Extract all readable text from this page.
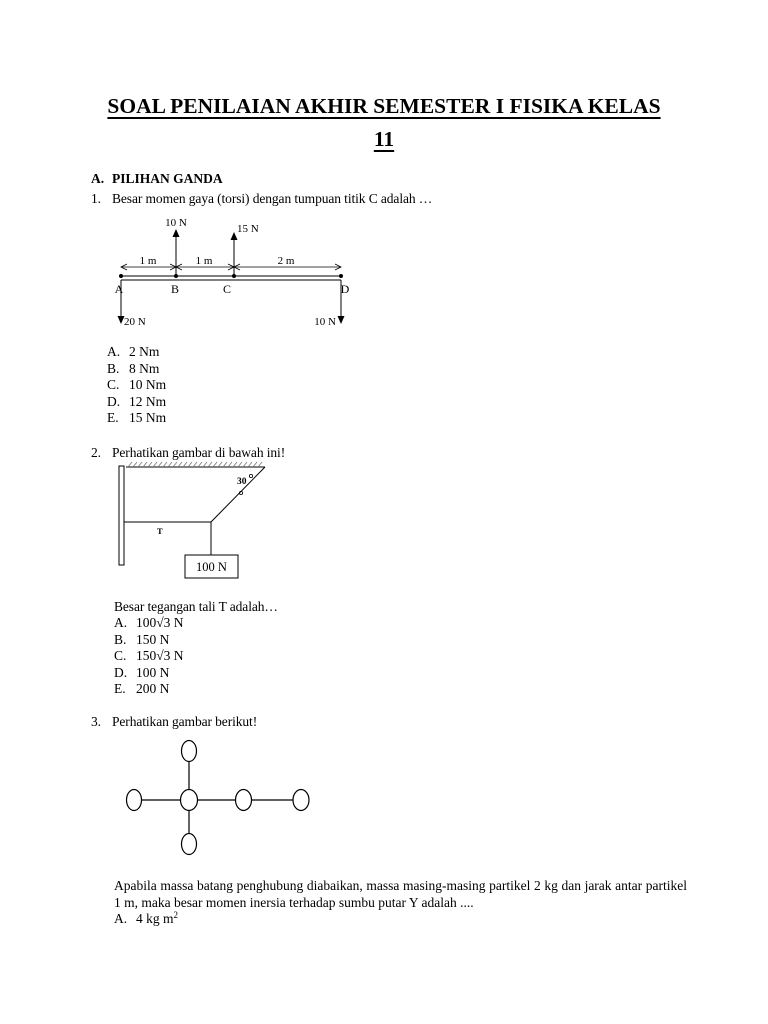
SOAL PENILAIAN AKHIR SEMESTER I FISIKA KELAS
11
A. PILIHAN GANDA
1. Besar momen gaya (torsi) dengan tumpuan titik C adalah …
1 m	1 m	2 m
10 N	15 N
20 N	10 N
A	B	C	D
A. 2 Nm
B. 8 Nm
C. 10 Nm
D. 12 Nm
E. 15 Nm
2. Perhatikan gambar di bawah ini!
30
T
100 N
Besar tegangan tali T adalah…
A. 100√3 N
B. 150 N
C. 150√3 N
D. 100 N
E. 200 N
3. Perhatikan gambar berikut!
Apabila massa batang penghubung diabaikan, massa masing-masing partikel 2 kg dan jarak antar partikel 1 m, maka besar momen inersia terhadap sumbu putar Y adalah ....
A. 4 kg $m^2$
